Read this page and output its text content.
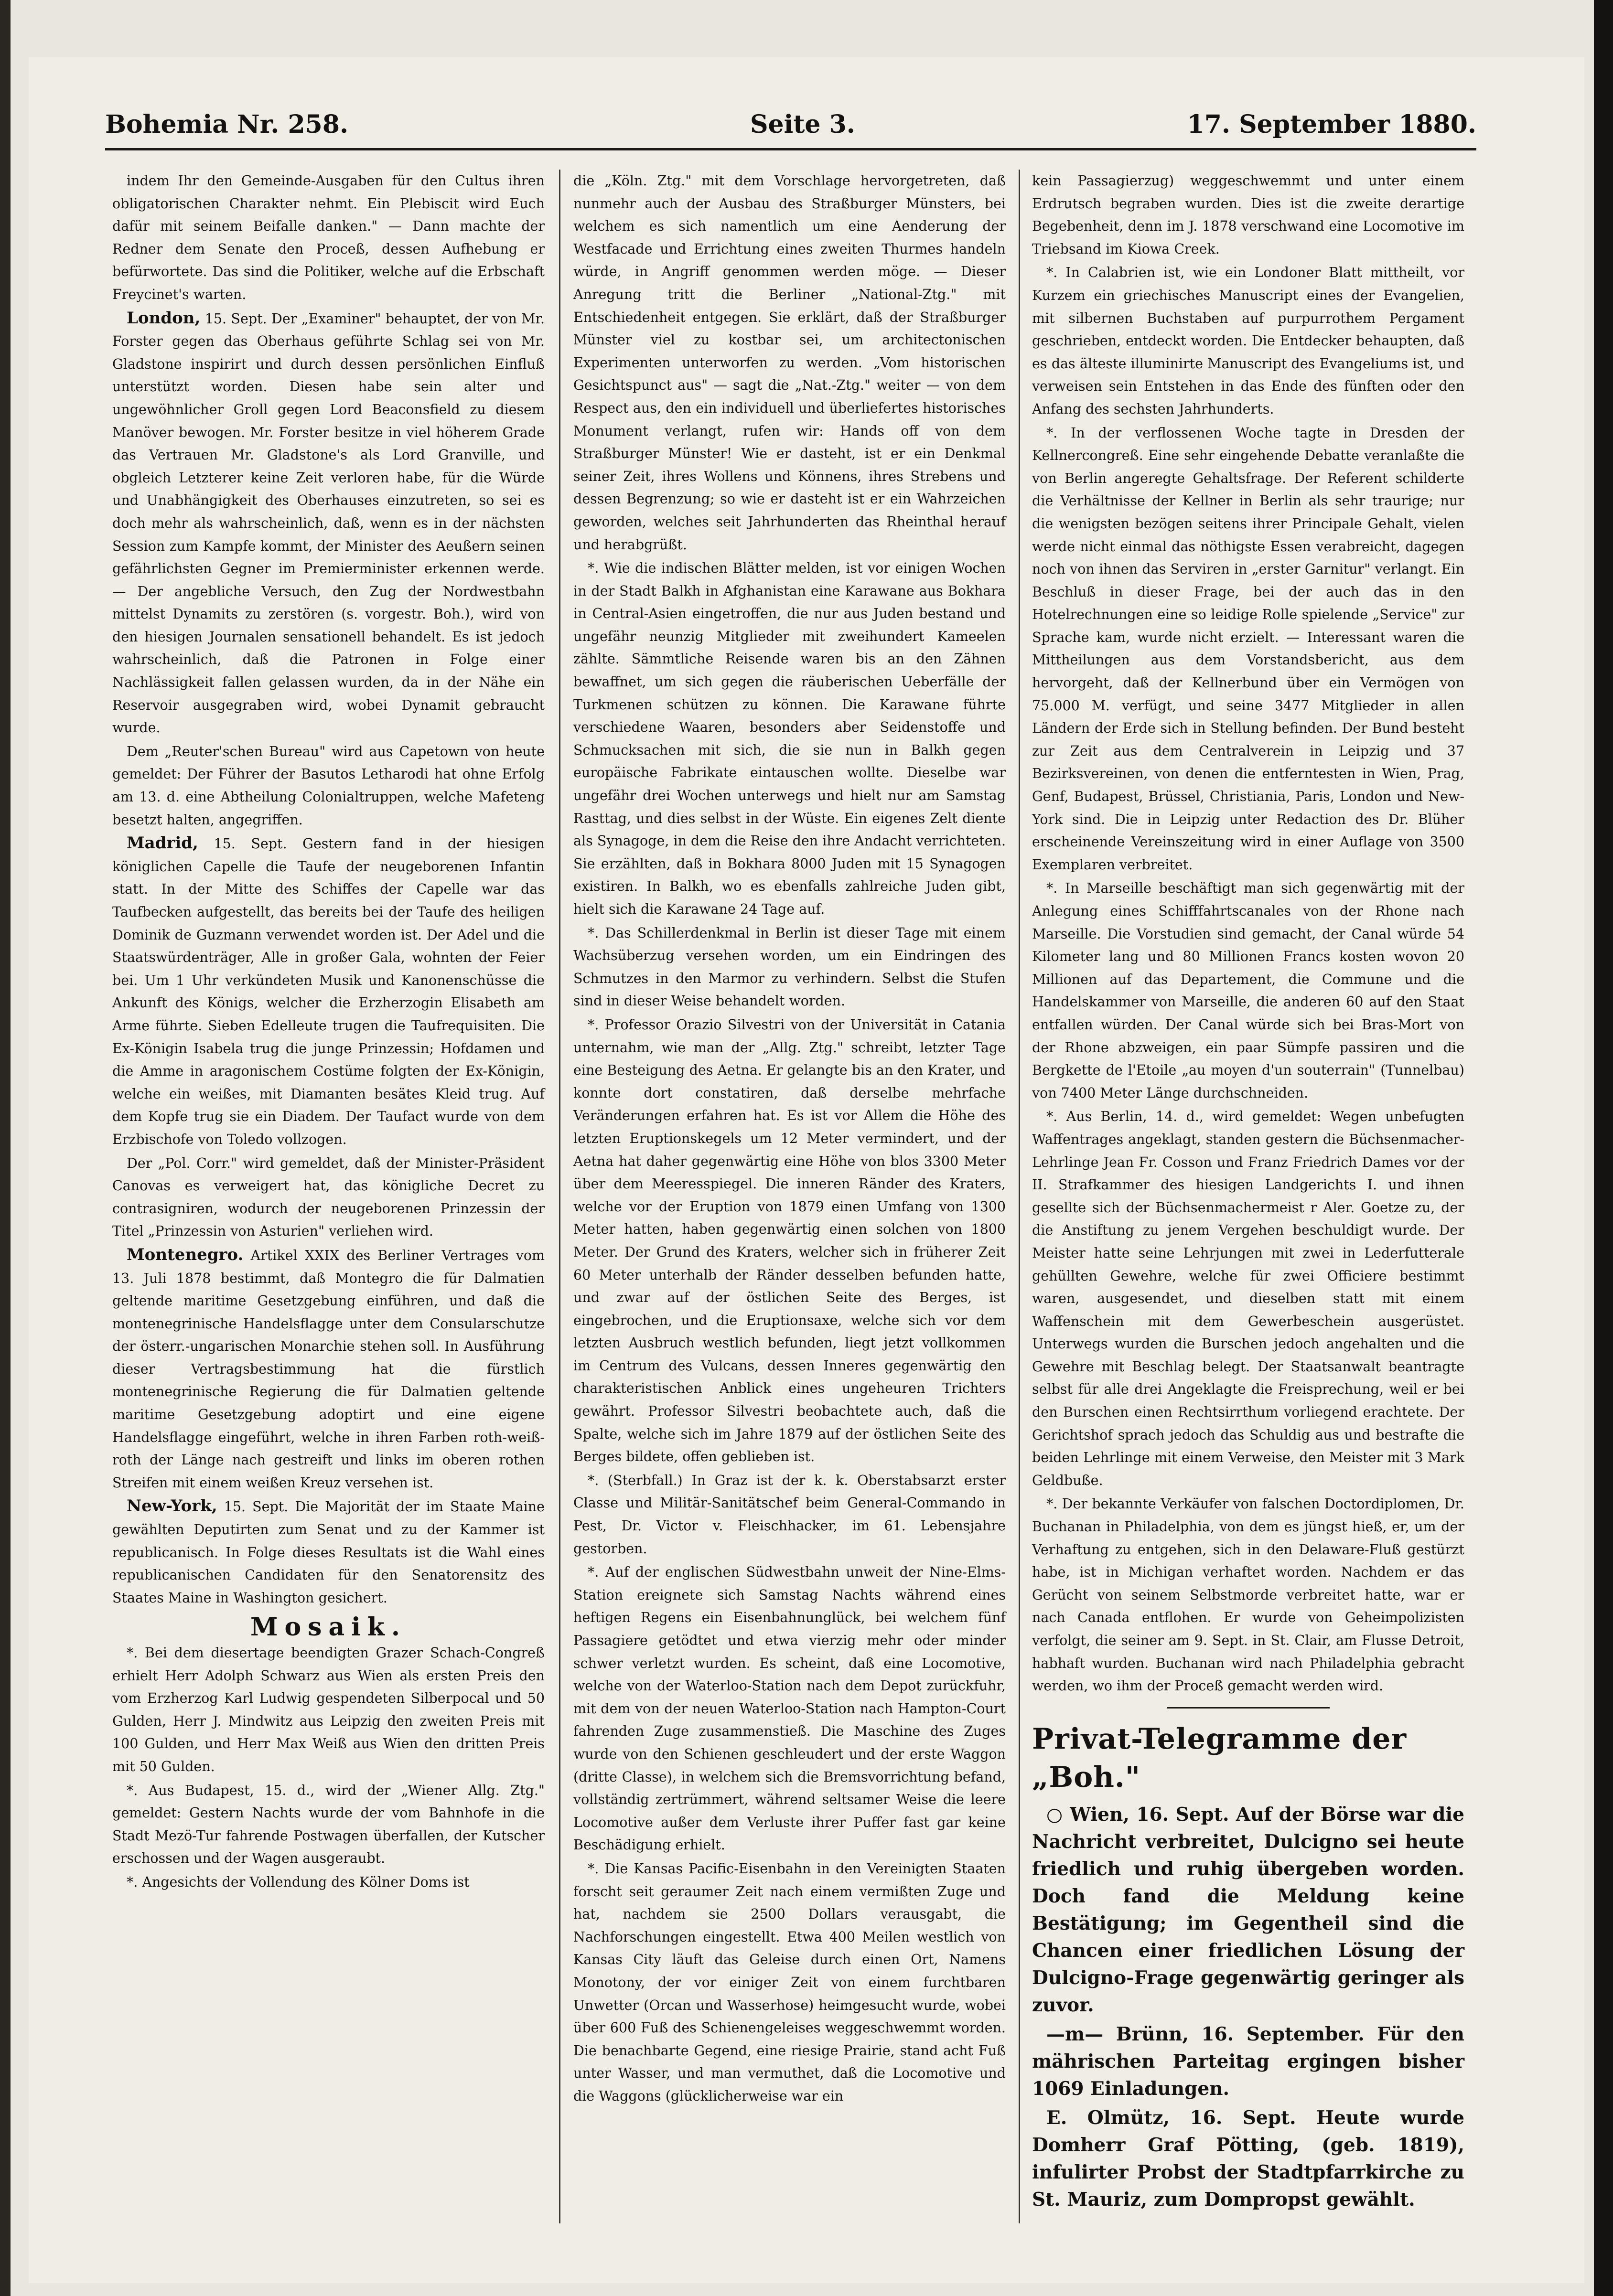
Bohemia Nr. 258.	Seite 3.	17. September 1880.

indem Ihr den Gemeinde-Ausgaben für den Cultus ihren obligatorischen Charakter nehmt. Ein Plebiscit wird Euch dafür mit seinem Beifalle danken." — Dann machte der Redner dem Senate den Proceß, dessen Aufhebung er befürwortete. Das sind die Politiker, welche auf die Erbschaft Freycinet's warten.

London, 15. Sept. Der „Examiner" behauptet, der von Mr. Forster gegen das Oberhaus geführte Schlag sei von Mr. Gladstone inspirirt und durch dessen persönlichen Einfluß unterstützt worden. Diesen habe sein alter und ungewöhnlicher Groll gegen Lord Beaconsfield zu diesem Manöver bewogen. Mr. Forster besitze in viel höherem Grade das Vertrauen Mr. Gladstone's als Lord Granville, und obgleich Letzterer keine Zeit verloren habe, für die Würde und Unabhängigkeit des Oberhauses einzutreten, so sei es doch mehr als wahrscheinlich, daß, wenn es in der nächsten Session zum Kampfe kommt, der Minister des Aeußern seinen gefährlichsten Gegner im Premierminister erkennen werde. — Der angebliche Versuch, den Zug der Nordwestbahn mittelst Dynamits zu zerstören (s. vorgestr. Boh.), wird von den hiesigen Journalen sensationell behandelt. Es ist jedoch wahrscheinlich, daß die Patronen in Folge einer Nachlässigkeit fallen gelassen wurden, da in der Nähe ein Reservoir ausgegraben wird, wobei Dynamit gebraucht wurde.

Dem „Reuter'schen Bureau" wird aus Capetown von heute gemeldet: Der Führer der Basutos Letharodi hat ohne Erfolg am 13. d. eine Abtheilung Colonialtruppen, welche Mafeteng besetzt halten, angegriffen.

Madrid, 15. Sept. Gestern fand in der hiesigen königlichen Capelle die Taufe der neugeborenen Infantin statt. In der Mitte des Schiffes der Capelle war das Taufbecken aufgestellt, das bereits bei der Taufe des heiligen Dominik de Guzmann verwendet worden ist. Der Adel und die Staatswürdenträger, Alle in großer Gala, wohnten der Feier bei. Um 1 Uhr verkündeten Musik und Kanonenschüsse die Ankunft des Königs, welcher die Erzherzogin Elisabeth am Arme führte. Sieben Edelleute trugen die Taufrequisiten. Die Ex-Königin Isabela trug die junge Prinzessin; Hofdamen und die Amme in aragonischem Costüme folgten der Ex-Königin, welche ein weißes, mit Diamanten besätes Kleid trug. Auf dem Kopfe trug sie ein Diadem. Der Taufact wurde von dem Erzbischofe von Toledo vollzogen.

Der „Pol. Corr." wird gemeldet, daß der Minister-Präsident Canovas es verweigert hat, das königliche Decret zu contrasigniren, wodurch der neugeborenen Prinzessin der Titel „Prinzessin von Asturien" verliehen wird.

Montenegro. Artikel XXIX des Berliner Vertrages vom 13. Juli 1878 bestimmt, daß Montegro die für Dalmatien geltende maritime Gesetzgebung einführen, und daß die montenegrinische Handelsflagge unter dem Consularschutze der österr.-ungarischen Monarchie stehen soll. In Ausführung dieser Vertragsbestimmung hat die fürstlich montenegrinische Regierung die für Dalmatien geltende maritime Gesetzgebung adoptirt und eine eigene Handelsflagge eingeführt, welche in ihren Farben roth-weiß-roth der Länge nach gestreift und links im oberen rothen Streifen mit einem weißen Kreuz versehen ist.

New-York, 15. Sept. Die Majorität der im Staate Maine gewählten Deputirten zum Senat und zu der Kammer ist republicanisch. In Folge dieses Resultats ist die Wahl eines republicanischen Candidaten für den Senatorensitz des Staates Maine in Washington gesichert.

Mosaik.

*. Bei dem diesertage beendigten Grazer Schach-Congreß erhielt Herr Adolph Schwarz aus Wien als ersten Preis den vom Erzherzog Karl Ludwig gespendeten Silberpocal und 50 Gulden, Herr J. Mindwitz aus Leipzig den zweiten Preis mit 100 Gulden, und Herr Max Weiß aus Wien den dritten Preis mit 50 Gulden.

*. Aus Budapest, 15. d., wird der „Wiener Allg. Ztg." gemeldet: Gestern Nachts wurde der vom Bahnhofe in die Stadt Mezö-Tur fahrende Postwagen überfallen, der Kutscher erschossen und der Wagen ausgeraubt.

*. Angesichts der Vollendung des Kölner Doms ist

die „Köln. Ztg." mit dem Vorschlage hervorgetreten, daß nunmehr auch der Ausbau des Straßburger Münsters, bei welchem es sich namentlich um eine Aenderung der Westfacade und Errichtung eines zweiten Thurmes handeln würde, in Angriff genommen werden möge. — Dieser Anregung tritt die Berliner „National-Ztg." mit Entschiedenheit entgegen. Sie erklärt, daß der Straßburger Münster viel zu kostbar sei, um architectonischen Experimenten unterworfen zu werden. „Vom historischen Gesichtspunct aus" — sagt die „Nat.-Ztg." weiter — von dem Respect aus, den ein individuell und überliefertes historisches Monument verlangt, rufen wir: Hands off von dem Straßburger Münster! Wie er dasteht, ist er ein Denkmal seiner Zeit, ihres Wollens und Könnens, ihres Strebens und dessen Begrenzung; so wie er dasteht ist er ein Wahrzeichen geworden, welches seit Jahrhunderten das Rheinthal herauf und herabgrüßt.

*. Wie die indischen Blätter melden, ist vor einigen Wochen in der Stadt Balkh in Afghanistan eine Karawane aus Bokhara in Central-Asien eingetroffen, die nur aus Juden bestand und ungefähr neunzig Mitglieder mit zweihundert Kameelen zählte. Sämmtliche Reisende waren bis an den Zähnen bewaffnet, um sich gegen die räuberischen Ueberfälle der Turkmenen schützen zu können. Die Karawane führte verschiedene Waaren, besonders aber Seidenstoffe und Schmucksachen mit sich, die sie nun in Balkh gegen europäische Fabrikate eintauschen wollte. Dieselbe war ungefähr drei Wochen unterwegs und hielt nur am Samstag Rasttag, und dies selbst in der Wüste. Ein eigenes Zelt diente als Synagoge, in dem die Reise den ihre Andacht verrichteten. Sie erzählten, daß in Bokhara 8000 Juden mit 15 Synagogen existiren. In Balkh, wo es ebenfalls zahlreiche Juden gibt, hielt sich die Karawane 24 Tage auf.

*. Das Schillerdenkmal in Berlin ist dieser Tage mit einem Wachsüberzug versehen worden, um ein Eindringen des Schmutzes in den Marmor zu verhindern. Selbst die Stufen sind in dieser Weise behandelt worden.

*. Professor Orazio Silvestri von der Universität in Catania unternahm, wie man der „Allg. Ztg." schreibt, letzter Tage eine Besteigung des Aetna. Er gelangte bis an den Krater, und konnte dort constatiren, daß derselbe mehrfache Veränderungen erfahren hat. Es ist vor Allem die Höhe des letzten Eruptionskegels um 12 Meter vermindert, und der Aetna hat daher gegenwärtig eine Höhe von blos 3300 Meter über dem Meeresspiegel. Die inneren Ränder des Kraters, welche vor der Eruption von 1879 einen Umfang von 1300 Meter hatten, haben gegenwärtig einen solchen von 1800 Meter. Der Grund des Kraters, welcher sich in früherer Zeit 60 Meter unterhalb der Ränder desselben befunden hatte, und zwar auf der östlichen Seite des Berges, ist eingebrochen, und die Eruptionsaxe, welche sich vor dem letzten Ausbruch westlich befunden, liegt jetzt vollkommen im Centrum des Vulcans, dessen Inneres gegenwärtig den charakteristischen Anblick eines ungeheuren Trichters gewährt. Professor Silvestri beobachtete auch, daß die Spalte, welche sich im Jahre 1879 auf der östlichen Seite des Berges bildete, offen geblieben ist.

*. (Sterbfall.) In Graz ist der k. k. Oberstabsarzt erster Classe und Militär-Sanitätschef beim General-Commando in Pest, Dr. Victor v. Fleischhacker, im 61. Lebensjahre gestorben.

*. Auf der englischen Südwestbahn unweit der Nine-Elms-Station ereignete sich Samstag Nachts während eines heftigen Regens ein Eisenbahnunglück, bei welchem fünf Passagiere getödtet und etwa vierzig mehr oder minder schwer verletzt wurden. Es scheint, daß eine Locomotive, welche von der Waterloo-Station nach dem Depot zurückfuhr, mit dem von der neuen Waterloo-Station nach Hampton-Court fahrenden Zuge zusammenstieß. Die Maschine des Zuges wurde von den Schienen geschleudert und der erste Waggon (dritte Classe), in welchem sich die Bremsvorrichtung befand, vollständig zertrümmert, während seltsamer Weise die leere Locomotive außer dem Verluste ihrer Puffer fast gar keine Beschädigung erhielt.

*. Die Kansas Pacific-Eisenbahn in den Vereinigten Staaten forscht seit geraumer Zeit nach einem vermißten Zuge und hat, nachdem sie 2500 Dollars verausgabt, die Nachforschungen eingestellt. Etwa 400 Meilen westlich von Kansas City läuft das Geleise durch einen Ort, Namens Monotony, der vor einiger Zeit von einem furchtbaren Unwetter (Orcan und Wasserhose) heimgesucht wurde, wobei über 600 Fuß des Schienengeleises weggeschwemmt worden. Die benachbarte Gegend, eine riesige Prairie, stand acht Fuß unter Wasser, und man vermuthet, daß die Locomotive und die Waggons (glücklicherweise war ein

kein Passagierzug) weggeschwemmt und unter einem Erdrutsch begraben wurden. Dies ist die zweite derartige Begebenheit, denn im J. 1878 verschwand eine Locomotive im Triebsand im Kiowa Creek.

*. In Calabrien ist, wie ein Londoner Blatt mittheilt, vor Kurzem ein griechisches Manuscript eines der Evangelien, mit silbernen Buchstaben auf purpurrothem Pergament geschrieben, entdeckt worden. Die Entdecker behaupten, daß es das älteste illuminirte Manuscript des Evangeliums ist, und verweisen sein Entstehen in das Ende des fünften oder den Anfang des sechsten Jahrhunderts.

*. In der verflossenen Woche tagte in Dresden der Kellnercongreß. Eine sehr eingehende Debatte veranlaßte die von Berlin angeregte Gehaltsfrage. Der Referent schilderte die Verhältnisse der Kellner in Berlin als sehr traurige; nur die wenigsten bezögen seitens ihrer Principale Gehalt, vielen werde nicht einmal das nöthigste Essen verabreicht, dagegen noch von ihnen das Serviren in „erster Garnitur" verlangt. Ein Beschluß in dieser Frage, bei der auch das in den Hotelrechnungen eine so leidige Rolle spielende „Service" zur Sprache kam, wurde nicht erzielt. — Interessant waren die Mittheilungen aus dem Vorstandsbericht, aus dem hervorgeht, daß der Kellnerbund über ein Vermögen von 75.000 M. verfügt, und seine 3477 Mitglieder in allen Ländern der Erde sich in Stellung befinden. Der Bund besteht zur Zeit aus dem Centralverein in Leipzig und 37 Bezirksvereinen, von denen die entferntesten in Wien, Prag, Genf, Budapest, Brüssel, Christiania, Paris, London und New-York sind. Die in Leipzig unter Redaction des Dr. Blüher erscheinende Vereinszeitung wird in einer Auflage von 3500 Exemplaren verbreitet.

*. In Marseille beschäftigt man sich gegenwärtig mit der Anlegung eines Schifffahrtscanales von der Rhone nach Marseille. Die Vorstudien sind gemacht, der Canal würde 54 Kilometer lang und 80 Millionen Francs kosten wovon 20 Millionen auf das Departement, die Commune und die Handelskammer von Marseille, die anderen 60 auf den Staat entfallen würden. Der Canal würde sich bei Bras-Mort von der Rhone abzweigen, ein paar Sümpfe passiren und die Bergkette de l'Etoile „au moyen d'un souterrain" (Tunnelbau) von 7400 Meter Länge durchschneiden.

*. Aus Berlin, 14. d., wird gemeldet: Wegen unbefugten Waffentrages angeklagt, standen gestern die Büchsenmacher-Lehrlinge Jean Fr. Cosson und Franz Friedrich Dames vor der II. Strafkammer des hiesigen Landgerichts I. und ihnen gesellte sich der Büchsenmachermeist r Aler. Goetze zu, der die Anstiftung zu jenem Vergehen beschuldigt wurde. Der Meister hatte seine Lehrjungen mit zwei in Lederfutterale gehüllten Gewehre, welche für zwei Officiere bestimmt waren, ausgesendet, und dieselben statt mit einem Waffenschein mit dem Gewerbeschein ausgerüstet. Unterwegs wurden die Burschen jedoch angehalten und die Gewehre mit Beschlag belegt. Der Staatsanwalt beantragte selbst für alle drei Angeklagte die Freisprechung, weil er bei den Burschen einen Rechtsirrthum vorliegend erachtete. Der Gerichtshof sprach jedoch das Schuldig aus und bestrafte die beiden Lehrlinge mit einem Verweise, den Meister mit 3 Mark Geldbuße.

*. Der bekannte Verkäufer von falschen Doctordiplomen, Dr. Buchanan in Philadelphia, von dem es jüngst hieß, er, um der Verhaftung zu entgehen, sich in den Delaware-Fluß gestürzt habe, ist in Michigan verhaftet worden. Nachdem er das Gerücht von seinem Selbstmorde verbreitet hatte, war er nach Canada entflohen. Er wurde von Geheimpolizisten verfolgt, die seiner am 9. Sept. in St. Clair, am Flusse Detroit, habhaft wurden. Buchanan wird nach Philadelphia gebracht werden, wo ihm der Proceß gemacht werden wird.

Privat-Telegramme der „Boh."

○ Wien, 16. Sept. Auf der Börse war die Nachricht verbreitet, Dulcigno sei heute friedlich und ruhig übergeben worden. Doch fand die Meldung keine Bestätigung; im Gegentheil sind die Chancen einer friedlichen Lösung der Dulcigno-Frage gegenwärtig geringer als zuvor.

—m— Brünn, 16. September. Für den mährischen Parteitag ergingen bisher 1069 Einladungen.

E. Olmütz, 16. Sept. Heute wurde Domherr Graf Pötting, (geb. 1819), infulirter Probst der Stadtpfarrkirche zu St. Mauriz, zum Dompropst gewählt.
